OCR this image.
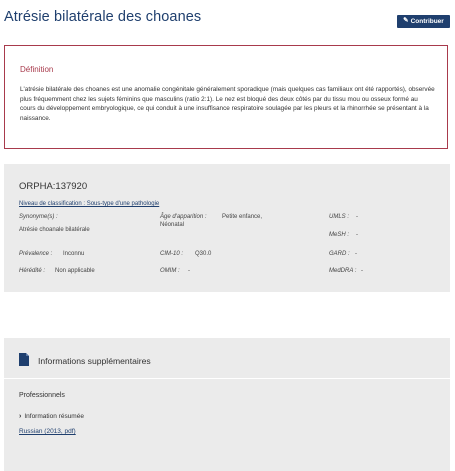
Atrésie bilatérale des choanes	✎ Contribuer
Définition
L'atrésie bilatérale des choanes est une anomalie congénitale généralement sporadique (mais quelques cas familiaux ont été rapportés), observée plus fréquemment chez les sujets féminins que masculins (ratio 2:1). Le nez est bloqué des deux côtés par du tissu mou ou osseux formé au cours du développement embryologique, ce qui conduit à une insuffisance respiratoire soulagée par les pleurs et la rhinorrhée se présentant à la naissance.
ORPHA:137920
Niveau de classification : Sous-type d'une pathologie
Synonyme(s) :
Atrésie choanale bilatérale
Âge d'apparition :	Petite enfance,
Néonatal
UMLS : -
MeSH : -
Prévalence : Inconnu	CIM-10 : Q30.0	GARD : -
Hérédité : Non applicable	OMIM : -	MedDRA : -
Informations supplémentaires
Professionnels
› Information résumée
Russian (2013, pdf)
